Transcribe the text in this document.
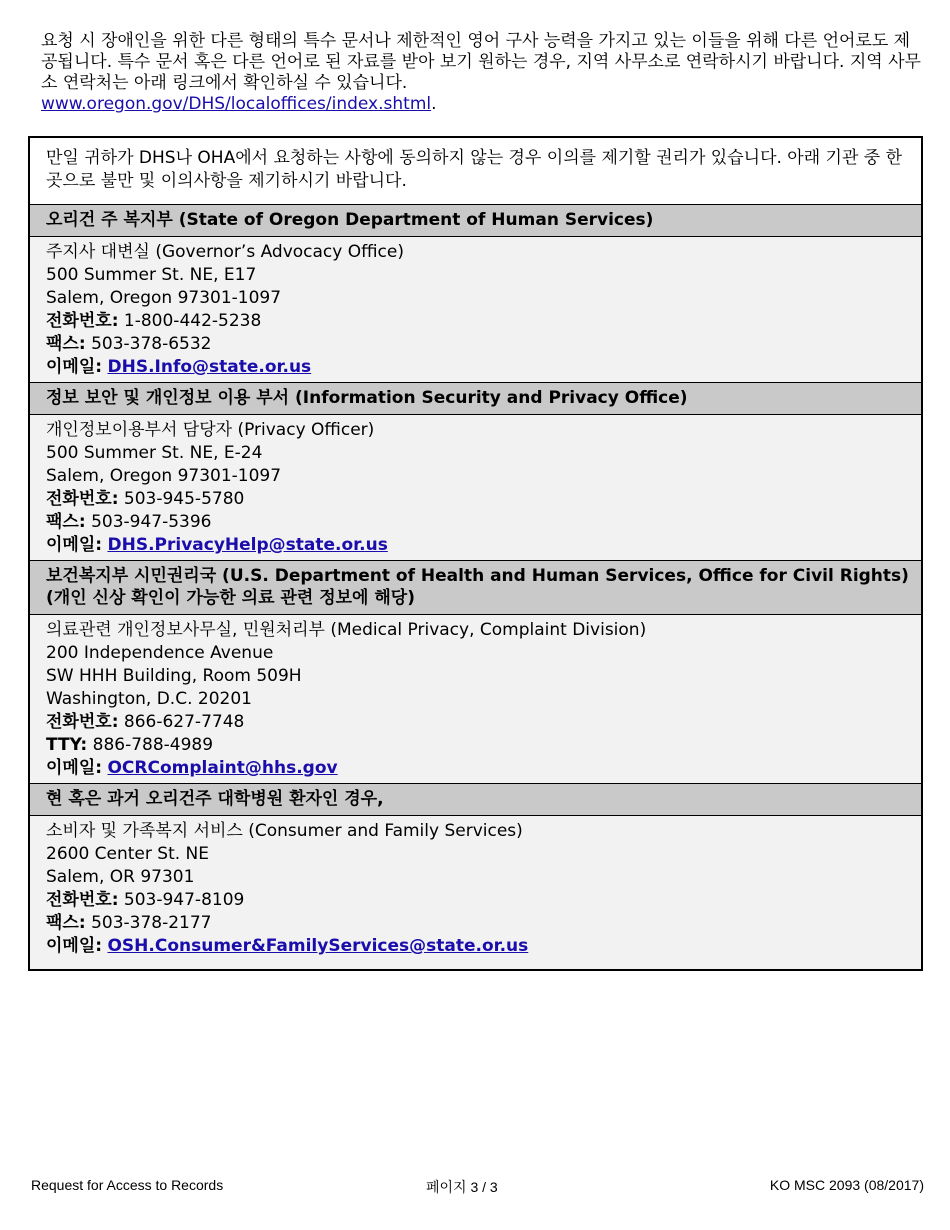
요청 시 장애인을 위한 다른 형태의 특수 문서나 제한적인 영어 구사 능력을 가지고 있는 이들을 위해 다른 언어로도 제공됩니다. 특수 문서 혹은 다른 언어로 된 자료를 받아 보기 원하는 경우, 지역 사무소로 연락하시기 바랍니다. 지역 사무소 연락처는 아래 링크에서 확인하실 수 있습니다.
www.oregon.gov/DHS/localoffices/index.shtml.
만일 귀하가 DHS나 OHA에서 요청하는 사항에 동의하지 않는 경우 이의를 제기할 권리가 있습니다. 아래 기관 중 한 곳으로 불만 및 이의사항을 제기하시기 바랍니다.
오리건 주 복지부 (State of Oregon Department of Human Services)
주지사 대변실 (Governor’s Advocacy Office)
500 Summer St. NE, E17
Salem, Oregon 97301-1097
전화번호: 1-800-442-5238
팩스: 503-378-6532
이메일: DHS.Info@state.or.us
정보 보안 및 개인정보 이용 부서 (Information Security and Privacy Office)
개인정보이용부서 담당자 (Privacy Officer)
500 Summer St. NE, E-24
Salem, Oregon 97301-1097
전화번호: 503-945-5780
팩스: 503-947-5396
이메일: DHS.PrivacyHelp@state.or.us
보건복지부 시민권리국 (U.S. Department of Health and Human Services, Office for Civil Rights)
(개인 신상 확인이 가능한 의료 관련 정보에 해당)
의료관련 개인정보사무실, 민원처리부 (Medical Privacy, Complaint Division)
200 Independence Avenue
SW HHH Building, Room 509H
Washington, D.C. 20201
전화번호: 866-627-7748
TTY: 886-788-4989
이메일: OCRComplaint@hhs.gov
현 혹은 과거 오리건주 대학병원 환자인 경우,
소비자 및 가족복지 서비스 (Consumer and Family Services)
2600 Center St. NE
Salem, OR 97301
전화번호: 503-947-8109
팩스: 503-378-2177
이메일: OSH.Consumer&FamilyServices@state.or.us
Request for Access to Records	페이지 3 / 3	KO MSC 2093 (08/2017)
